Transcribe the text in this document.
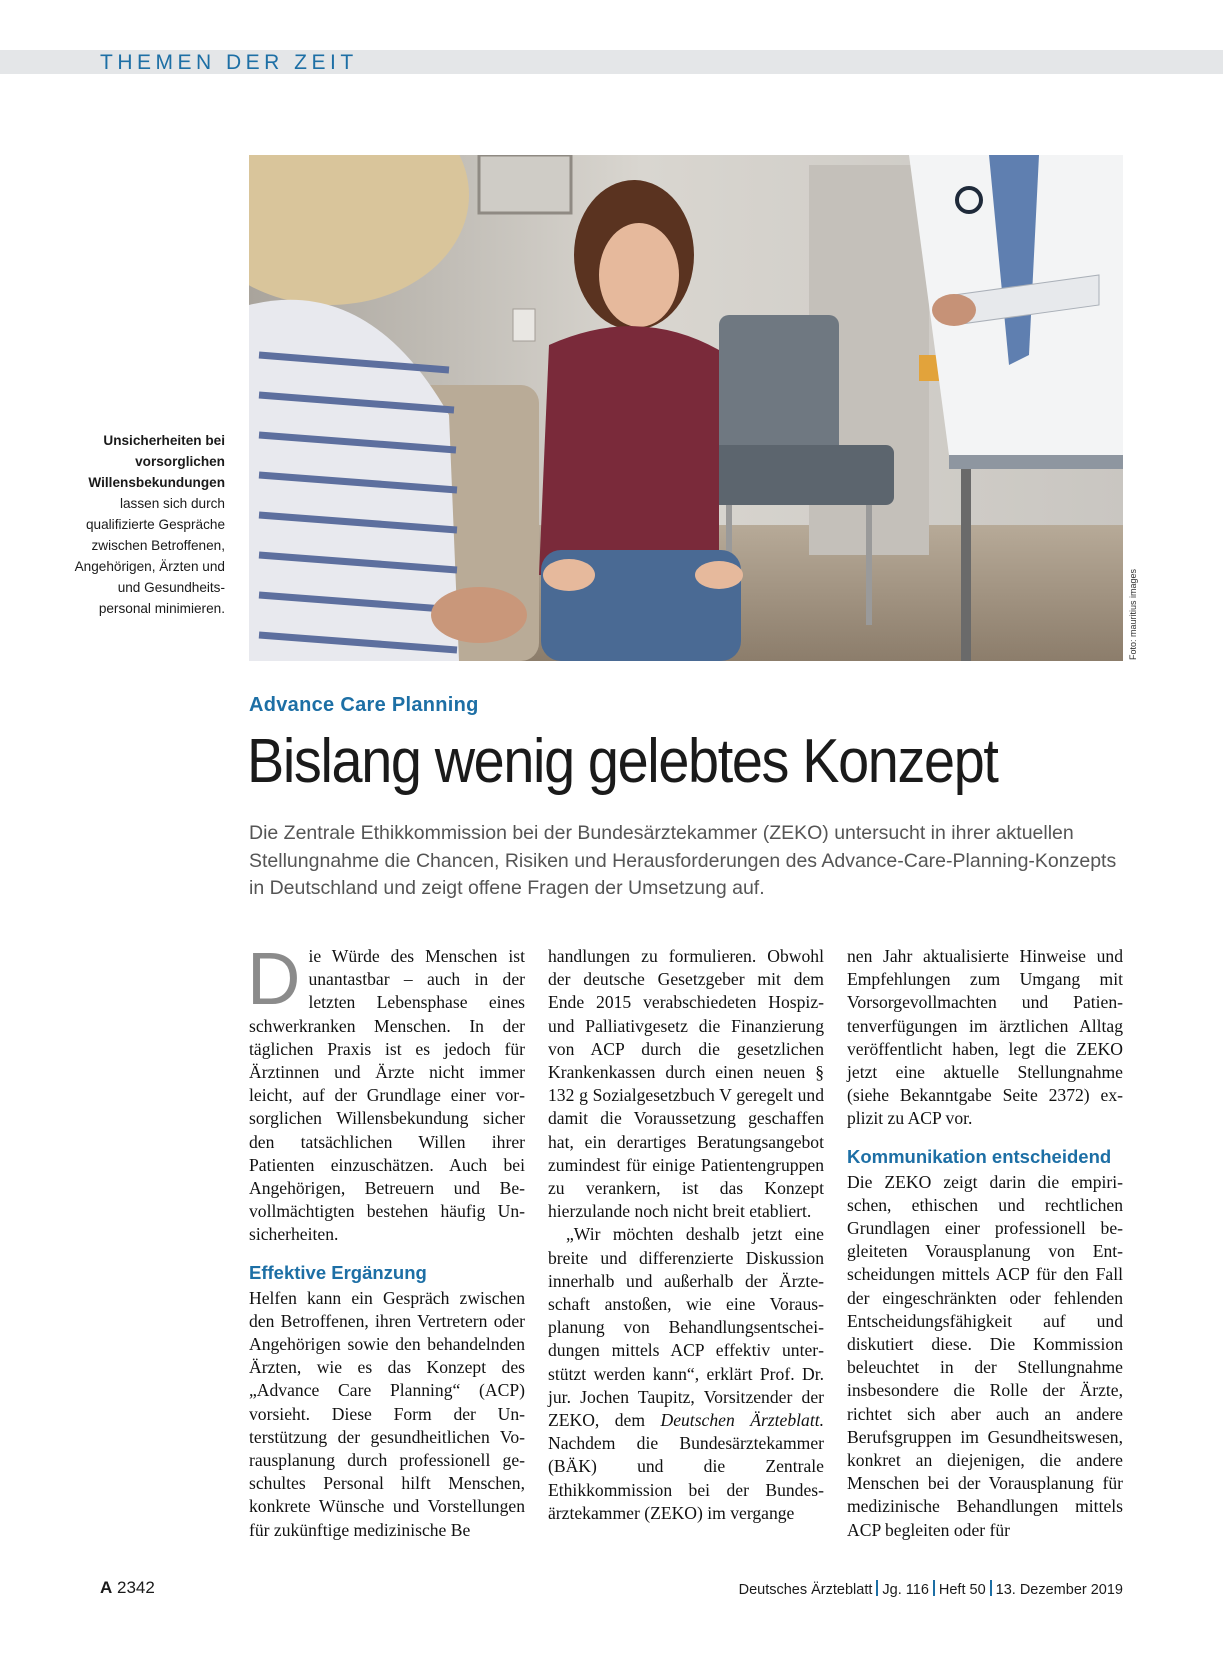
THEMEN DER ZEIT
Foto: mauritius images
Unsicherheiten bei vorsorglichen Willensbekundungen
lassen sich durch qualifizierte Gespräche zwischen Betroffenen, Angehörigen, Ärzten und und Gesundheits-personal minimieren.
Advance Care Planning
Bislang wenig gelebtes Konzept

Die Zentrale Ethikkommission bei der Bundesärztekammer (ZEKO) untersucht in ihrer aktuellen Stellungnahme die Chancen, Risiken und Herausforderungen des Advance-Care-Planning-Konzepts in Deutschland und zeigt offene Fragen der Umsetzung auf.

Die Würde des Menschen ist unantastbar – auch in der letzten Lebensphase eines schwerkranken Menschen. In der täglichen Praxis ist es jedoch für Ärztinnen und Ärzte nicht immer leicht, auf der Grundlage einer vorsorglichen Willensbekundung sicher den tatsächlichen Willen ihrer Patienten einzuschätzen. Auch bei Angehörigen, Betreuern und Bevollmächtigten bestehen häufig Unsicherheiten.

Effektive Ergänzung

Helfen kann ein Gespräch zwischen den Betroffenen, ihren Vertretern oder Angehörigen sowie den behandelnden Ärzten, wie es das Konzept des „Advance Care Planning“ (ACP) vorsieht. Diese Form der Unterstützung der gesundheitlichen Vorausplanung durch professionell geschultes Personal hilft Menschen, konkrete Wünsche und Vorstellungen für zukünftige medizinische Be

handlungen zu formulieren. Obwohl der deutsche Gesetzgeber mit dem Ende 2015 verabschiedeten Hospiz- und Palliativgesetz die Finanzierung von ACP durch die gesetzlichen Krankenkassen durch einen neuen § 132 g Sozialgesetzbuch V geregelt und damit die Voraussetzung geschaffen hat, ein derartiges Beratungsangebot zumindest für einige Patientengruppen zu verankern, ist das Konzept hierzulande noch nicht breit etabliert.

„Wir möchten deshalb jetzt eine breite und differenzierte Diskussion innerhalb und außerhalb der Ärzteschaft anstoßen, wie eine Vorausplanung von Behandlungsentscheidungen mittels ACP effektiv unterstützt werden kann“, erklärt Prof. Dr. jur. Jochen Taupitz, Vorsitzender der ZEKO, dem Deutschen Ärzteblatt. Nachdem die Bundesärztekammer (BÄK) und die Zentrale Ethikkommission bei der Bundesärztekammer (ZEKO) im vergange

nen Jahr aktualisierte Hinweise und Empfehlungen zum Umgang mit Vorsorgevollmachten und Patientenverfügungen im ärztlichen Alltag veröffentlicht haben, legt die ZEKO jetzt eine aktuelle Stellungnahme (siehe Bekanntgabe Seite 2372) explizit zu ACP vor.

Kommunikation entscheidend

Die ZEKO zeigt darin die empirischen, ethischen und rechtlichen Grundlagen einer professionell begleiteten Vorausplanung von Entscheidungen mittels ACP für den Fall der eingeschränkten oder fehlenden Entscheidungsfähigkeit auf und diskutiert diese. Die Kommission beleuchtet in der Stellungnahme insbesondere die Rolle der Ärzte, richtet sich aber auch an andere Berufsgruppen im Gesundheitswesen, konkret an diejenigen, die andere Menschen bei der Vorausplanung für medizinische Behandlungen mittels ACP begleiten oder für

A 2342	Deutsches Ärzteblatt Jg. 116 Heft 50 13. Dezember 2019
